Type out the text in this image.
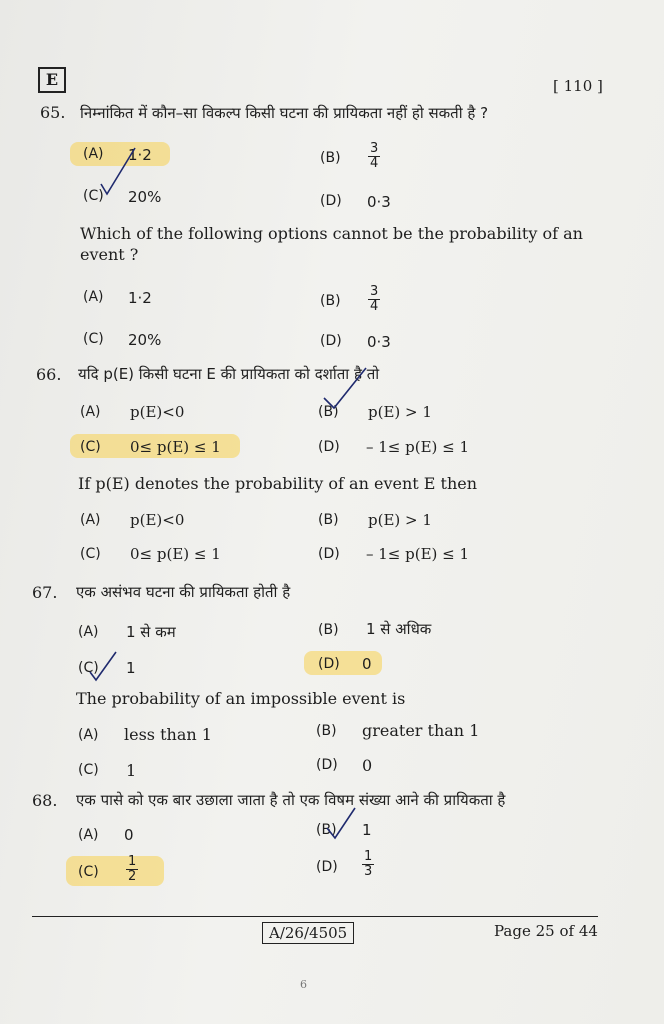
E	[ 110 ]
65. निम्नांकित में कौन–सा विकल्प किसी घटना की प्रायिकता नहीं हो सकती है ?
(A) 1·2	$(B) \frac{3}{4}$
(C) 20%	(D) 0·3
Which of the following options cannot be the probability of an
event ?
(A) 1·2	$(B) \frac{3}{4}$
(C) 20%	(D) 0·3
66. यदि p(E) किसी घटना E की प्रायिकता को दर्शाता है तो
(A) p(E)<0	(B) p(E) > 1
(C) 0≤ p(E) ≤ 1	(D) – 1≤ p(E) ≤ 1
If p(E) denotes the probability of an event E then
(A) p(E)<0	(B) p(E) > 1
(C) 0≤ p(E) ≤ 1	(D) – 1≤ p(E) ≤ 1
67. एक असंभव घटना की प्रायिकता होती है
(A) 1 से कम	(B) 1 से अधिक
(C) 1	(D) 0
The probability of an impossible event is
(A) less than 1	(B) greater than 1
(C) 1	(D) 0
68. एक पासे को एक बार उछाला जाता है तो एक विषम संख्या आने की प्रायिकता है
(A) 0	(B) 1
$(C) \frac{1}{2}$	$(D) \frac{1}{3}$
A/26/4505	Page 25 of 44
6
